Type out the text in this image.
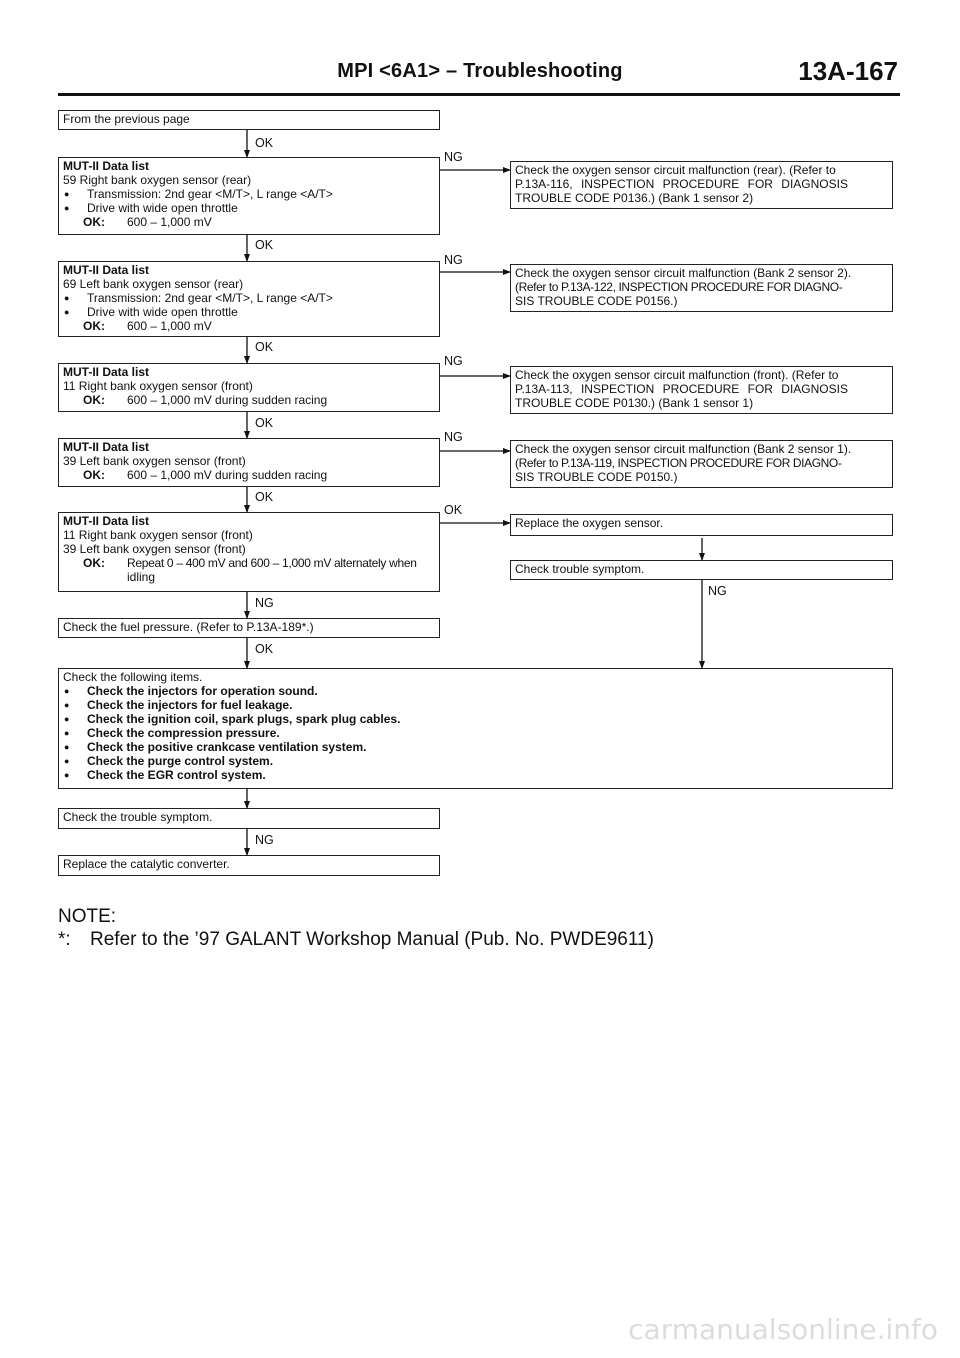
MPI <6A1> – Troubleshooting	13A-167
From the previous page
MUT-II Data list
59 Right bank oxygen sensor (rear)
● Transmission: 2nd gear <M/T>, L range <A/T>
● Drive with wide open throttle
OK:	600 – 1,000 mV
Check the oxygen sensor circuit malfunction (rear). (Refer to
P.13A-116, INSPECTION PROCEDURE FOR DIAGNOSIS
TROUBLE CODE P0136.) (Bank 1 sensor 2)
MUT-II Data list
69 Left bank oxygen sensor (rear)
● Transmission: 2nd gear <M/T>, L range <A/T>
● Drive with wide open throttle
OK:	600 – 1,000 mV
Check the oxygen sensor circuit malfunction (Bank 2 sensor 2).
(Refer to P.13A-122, INSPECTION PROCEDURE FOR DIAGNO-
SIS TROUBLE CODE P0156.)
MUT-II Data list
11 Right bank oxygen sensor (front)
OK:	600 – 1,000 mV during sudden racing
Check the oxygen sensor circuit malfunction (front). (Refer to
P.13A-113, INSPECTION PROCEDURE FOR DIAGNOSIS
TROUBLE CODE P0130.) (Bank 1 sensor 1)
MUT-II Data list
39 Left bank oxygen sensor (front)
OK:	600 – 1,000 mV during sudden racing
Check the oxygen sensor circuit malfunction (Bank 2 sensor 1).
(Refer to P.13A-119, INSPECTION PROCEDURE FOR DIAGNO-
SIS TROUBLE CODE P0150.)
MUT-II Data list
11 Right bank oxygen sensor (front)
39 Left bank oxygen sensor (front)
OK:	Repeat 0 – 400 mV and 600 – 1,000 mV alternately when
idling
Replace the oxygen sensor.
Check trouble symptom.
Check the fuel pressure. (Refer to P.13A-189*.)
Check the following items.
● Check the injectors for operation sound.
● Check the injectors for fuel leakage.
● Check the ignition coil, spark plugs, spark plug cables.
● Check the compression pressure.
● Check the positive crankcase ventilation system.
● Check the purge control system.
● Check the EGR control system.
Check the trouble symptom.
Replace the catalytic converter.
OK
NG
OK
NG
OK
NG
OK
NG
OK
OK
NG
NG
OK
NG
NOTE:
*: Refer to the ’97 GALANT Workshop Manual (Pub. No. PWDE9611)
carmanualsonline.info
